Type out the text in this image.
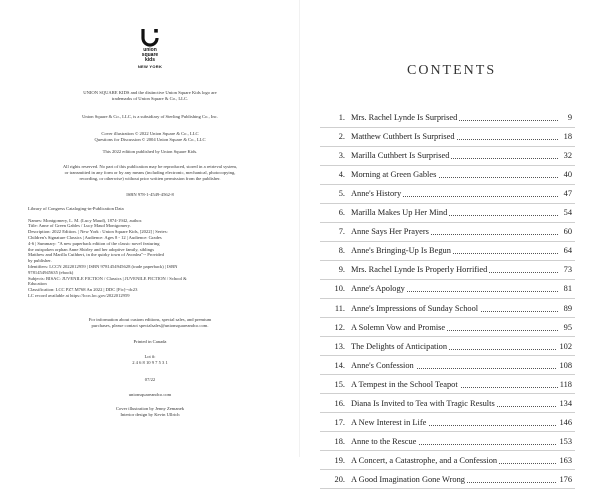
union
square
kids
NEW YORK
UNION SQUARE KIDS and the distinctive Union Square Kids logo are
trademarks of Union Square & Co., LLC.
Union Square & Co., LLC, is a subsidiary of Sterling Publishing Co., Inc.
Cover illustration © 2022 Union Square & Co., LLC
Questions for Discussion © 2004 Union Square & Co., LLC
This 2022 edition published by Union Square Kids.
All rights reserved. No part of this publication may be reproduced, stored in a retrieval system,
or transmitted in any form or by any means (including electronic, mechanical, photocopying,
recording, or otherwise) without prior written permission from the publisher.
ISBN 978-1-4549-4562-8
Library of Congress Cataloging-in-Publication Data

Names: Montgomery, L. M. (Lucy Maud), 1874-1942, author.
Title: Anne of Green Gables / Lucy Maud Montgomery.
Description: 2022 Edition. | New York : Union Square Kids, [2022] | Series:
Children's Signature Classics | Audience: Ages 8 - 12 | Audience: Grades
4-6 | Summary: "A new paperback edition of the classic novel featuring
the outspoken orphan Anne Shirley and her adoptive family, siblings
Matthew and Marilla Cuthbert, in the quirky town of Avonlea"-- Provided
by publisher.
Identifiers: LCCN 2022012959 | ISBN 9781454945628 (trade paperback) | ISBN
9781454945635 (ebook)
Subjects: BISAC: JUVENILE FICTION / Classics | JUVENILE FICTION / School &
Education
Classification: LCC PZ7.M768 An 2022 | DDC [Fic]--dc23
LC record available at https://lccn.loc.gov/2022012959
For information about custom editions, special sales, and premium
purchases, please contact specialsales@unionsquareandco.com.
Printed in Canada
Lot #:
2 4 6 8 10 9 7 5 3 1
07/22
unionsquareandco.com
Cover illustration by Jenny Zemanek
Interior design by Kevin Ullrich
CONTENTS
1. Mrs. Rachel Lynde Is Surprised	9
2. Matthew Cuthbert Is Surprised	18
3. Marilla Cuthbert Is Surprised	32
4. Morning at Green Gables	40
5. Anne's History	47
6. Marilla Makes Up Her Mind	54
7. Anne Says Her Prayers	60
8. Anne's Bringing-Up Is Begun	64
9. Mrs. Rachel Lynde Is Properly Horrified	73
10. Anne's Apology	81
11. Anne's Impressions of Sunday School	89
12. A Solemn Vow and Promise	95
13. The Delights of Anticipation	102
14. Anne's Confession	108
15. A Tempest in the School Teapot	118
16. Diana Is Invited to Tea with Tragic Results	134
17. A New Interest in Life	146
18. Anne to the Rescue	153
19. A Concert, a Catastrophe, and a Confession	163
20. A Good Imagination Gone Wrong	176
